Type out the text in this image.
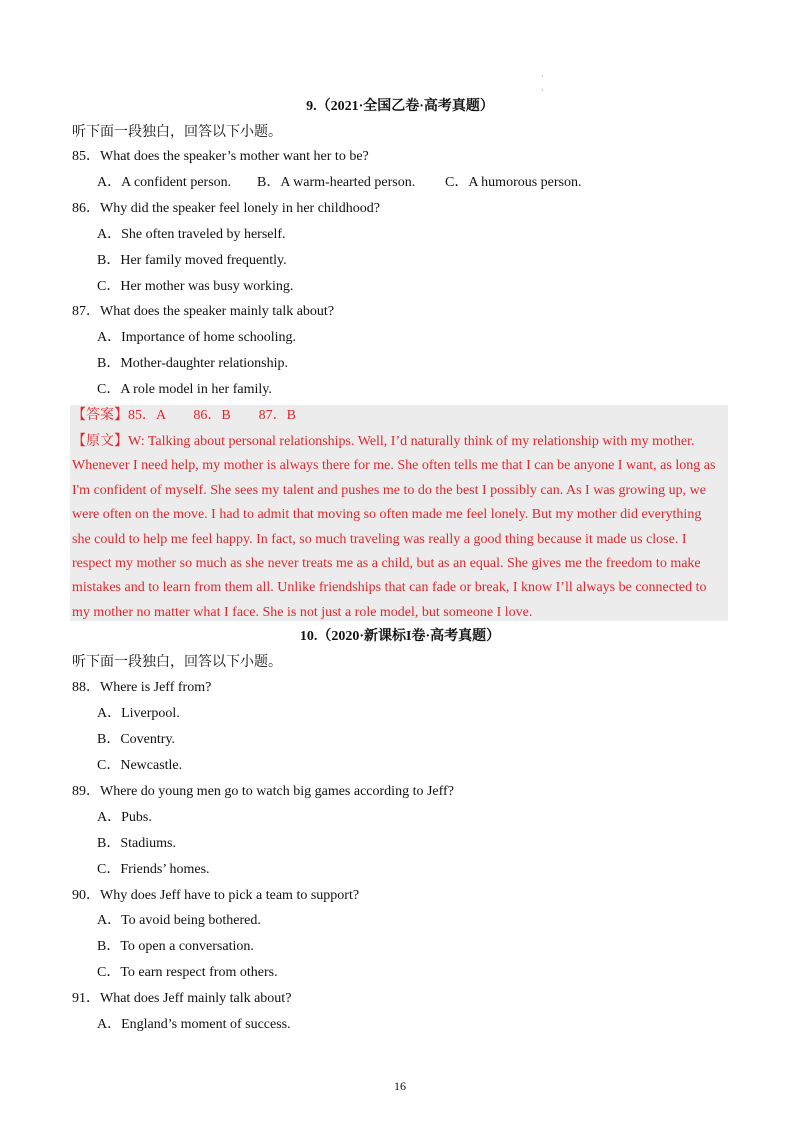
·
·
9.（2021·全国乙卷·高考真题）
听下面一段独白，回答以下小题。
85．What does the speaker’s mother want her to be?
A．A confident person. B．A warm-hearted person. C．A humorous person.
86．Why did the speaker feel lonely in her childhood?
A．She often traveled by herself.
B．Her family moved frequently.
C．Her mother was busy working.
87．What does the speaker mainly talk about?
A．Importance of home schooling.
B．Mother-daughter relationship.
C．A role model in her family.
【答案】85．A　　86．B　　87．B
【原文】W: Talking about personal relationships. Well, I’d naturally think of my relationship with my mother.
Whenever I need help, my mother is always there for me. She often tells me that I can be anyone I want, as long as
I'm confident of myself. She sees my talent and pushes me to do the best I possibly can. As I was growing up, we
were often on the move. I had to admit that moving so often made me feel lonely. But my mother did everything
she could to help me feel happy. In fact, so much traveling was really a good thing because it made us close. I
respect my mother so much as she never treats me as a child, but as an equal. She gives me the freedom to make
mistakes and to learn from them all. Unlike friendships that can fade or break, I know I’ll always be connected to
my mother no matter what I face. She is not just a role model, but someone I love.
10.（2020·新课标I卷·高考真题）
听下面一段独白，回答以下小题。
88．Where is Jeff from?
A．Liverpool.
B．Coventry.
C．Newcastle.
89．Where do young men go to watch big games according to Jeff?
A．Pubs.
B．Stadiums.
C．Friends’ homes.
90．Why does Jeff have to pick a team to support?
A．To avoid being bothered.
B．To open a conversation.
C．To earn respect from others.
91．What does Jeff mainly talk about?
A．England’s moment of success.
16
